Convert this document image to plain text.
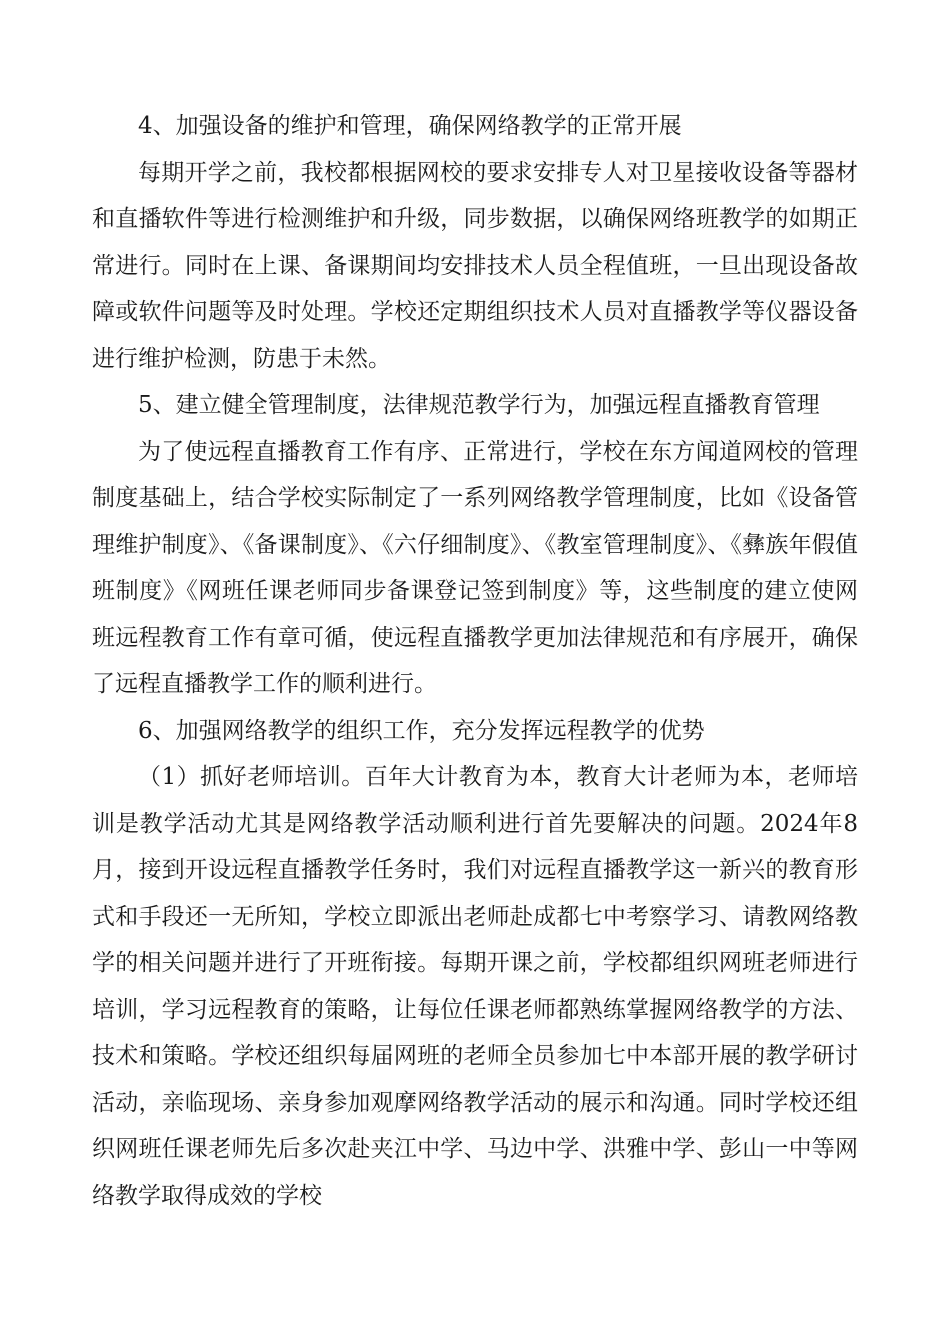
4、加强设备的维护和管理，确保网络教学的正常开展

每期开学之前，我校都根据网校的要求安排专人对卫星接收设备等器材和直播软件等进行检测维护和升级，同步数据，以确保网络班教学的如期正常进行。同时在上课、备课期间均安排技术人员全程值班，一旦出现设备故障或软件问题等及时处理。学校还定期组织技术人员对直播教学等仪器设备进行维护检测，防患于未然。

5、建立健全管理制度，法律规范教学行为，加强远程直播教育管理

为了使远程直播教育工作有序、正常进行，学校在东方闻道网校的管理制度基础上，结合学校实际制定了一系列网络教学管理制度，比如《设备管理维护制度》、《备课制度》、《六仔细制度》、《教室管理制度》、《彝族年假值班制度》《网班任课老师同步备课登记签到制度》等，这些制度的建立使网班远程教育工作有章可循，使远程直播教学更加法律规范和有序展开，确保了远程直播教学工作的顺利进行。

6、加强网络教学的组织工作，充分发挥远程教学的优势

（1）抓好老师培训。百年大计教育为本，教育大计老师为本，老师培训是教学活动尤其是网络教学活动顺利进行首先要解决的问题。2024年8月，接到开设远程直播教学任务时，我们对远程直播教学这一新兴的教育形式和手段还一无所知，学校立即派出老师赴成都七中考察学习、请教网络教学的相关问题并进行了开班衔接。每期开课之前，学校都组织网班老师进行培训，学习远程教育的策略，让每位任课老师都熟练掌握网络教学的方法、技术和策略。学校还组织每届网班的老师全员参加七中本部开展的教学研讨活动，亲临现场、亲身参加观摩网络教学活动的展示和沟通。同时学校还组织网班任课老师先后多次赴夹江中学、马边中学、洪雅中学、彭山一中等网络教学取得成效的学校
